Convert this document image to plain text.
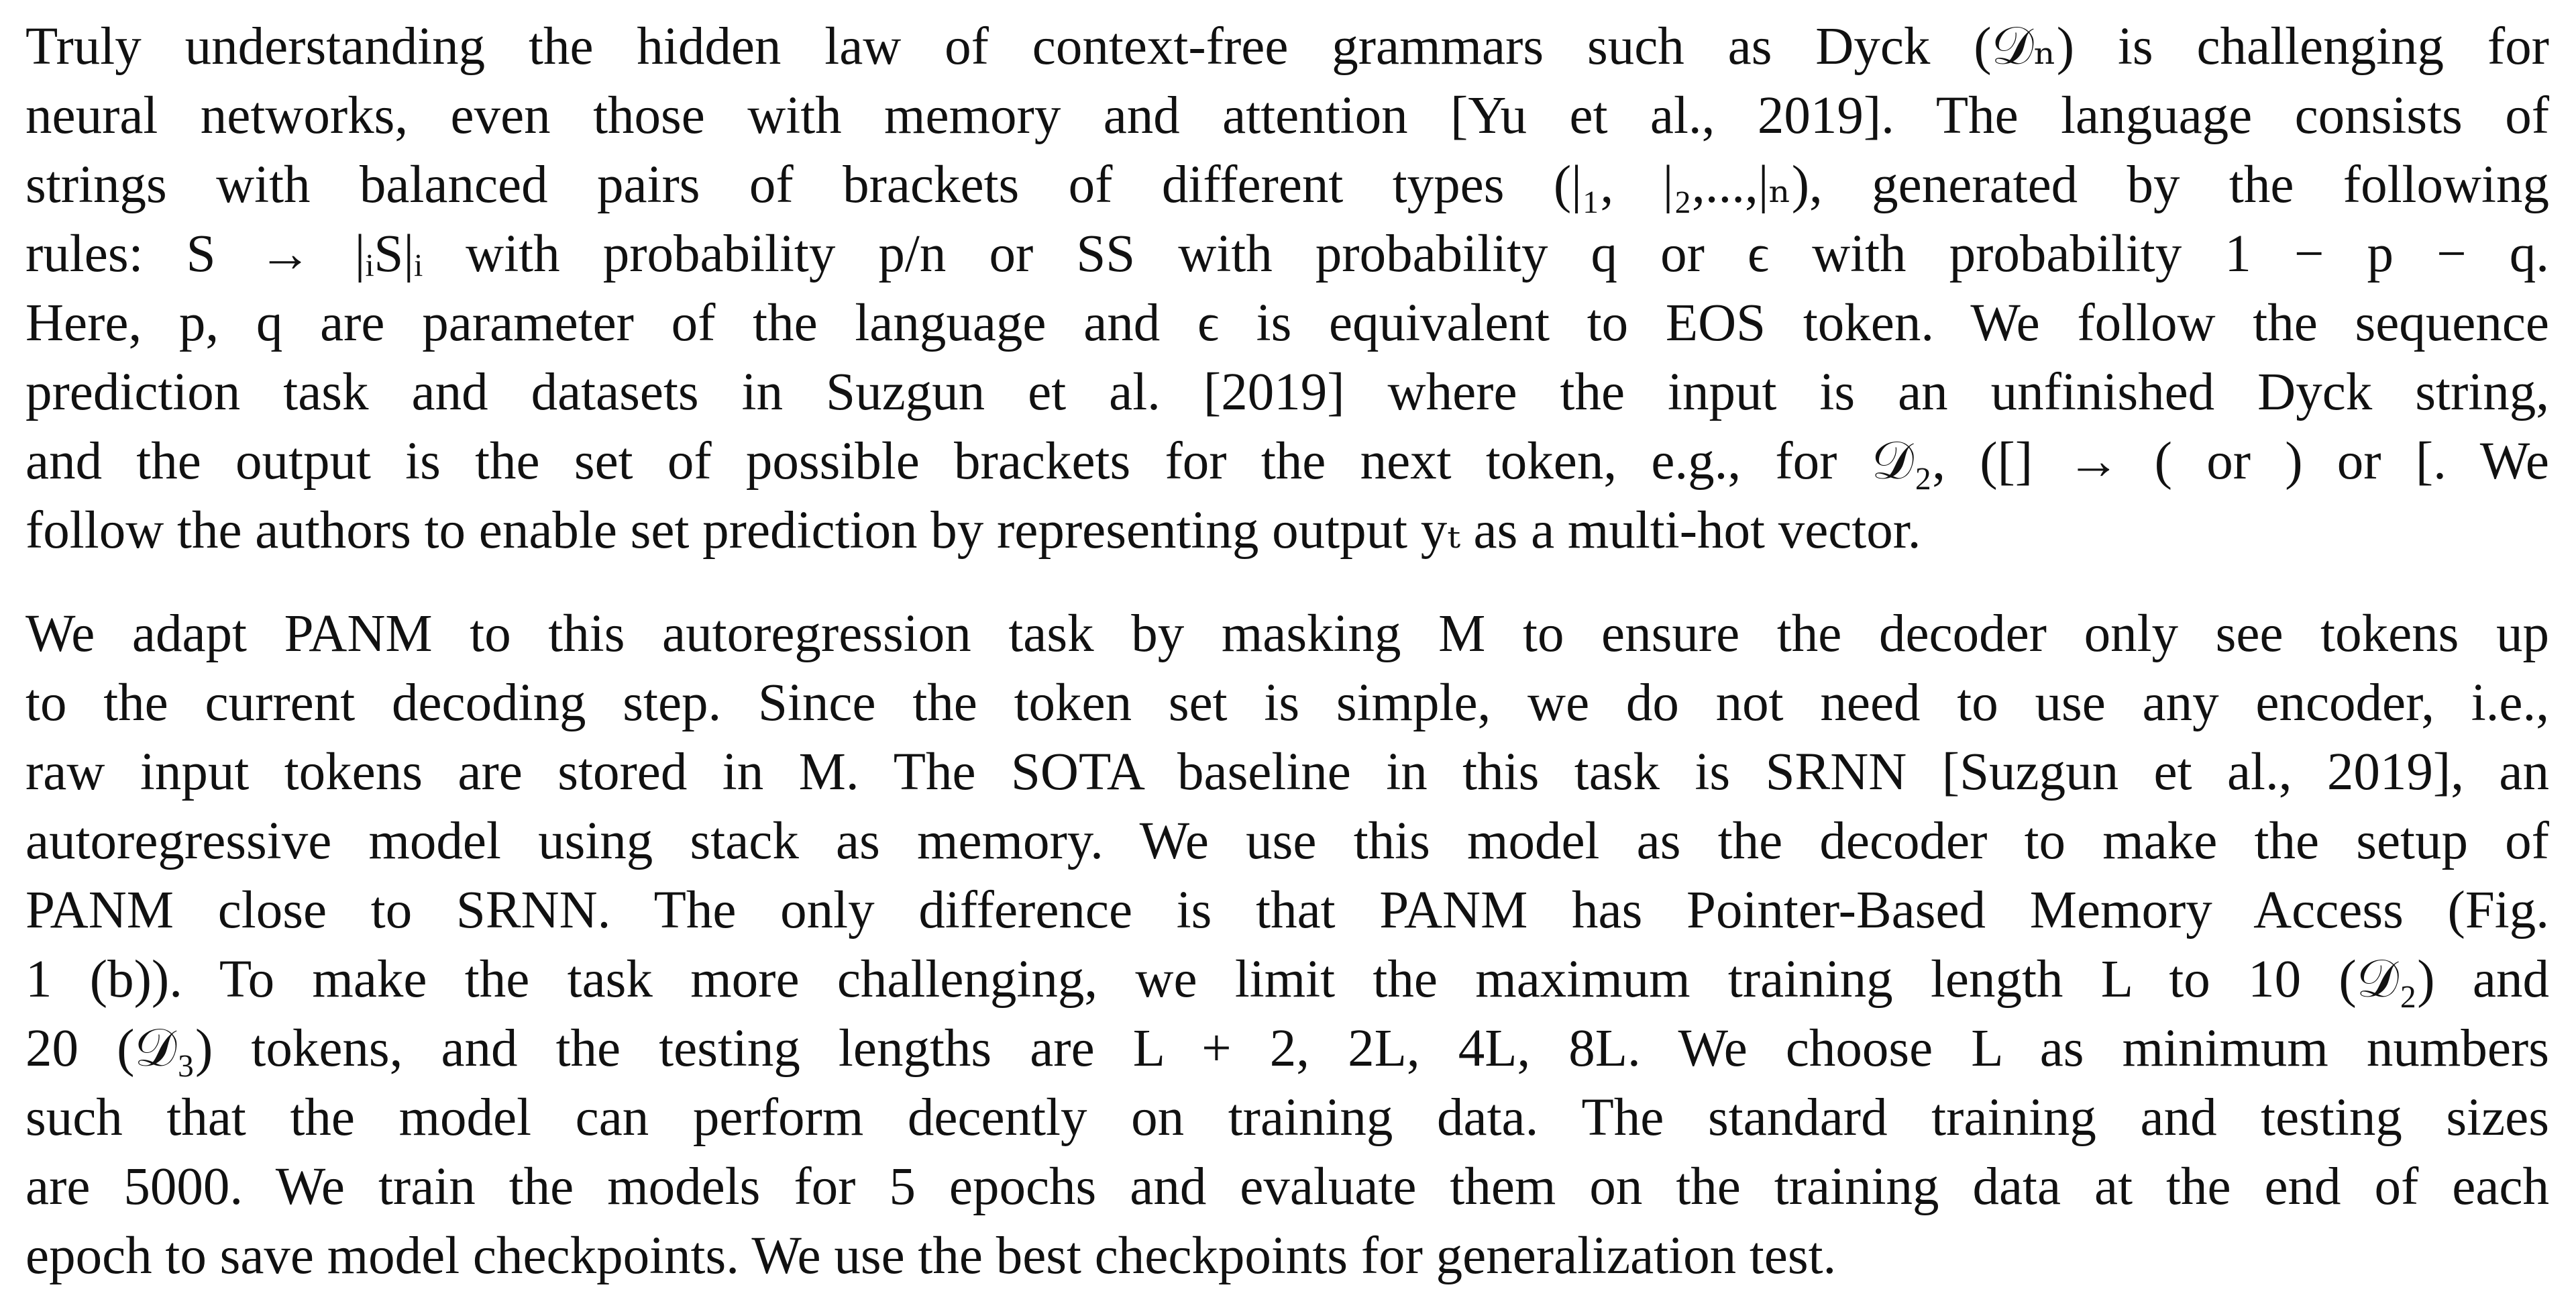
Truly understanding the hidden law of context-free grammars such as Dyck (𝒟ₙ) is challenging for
neural networks, even those with memory and attention [Yu et al., 2019]. The language consists of
strings with balanced pairs of brackets of different types (|₁, |₂,...,|ₙ), generated by the following
rules: S → |ᵢS|ᵢ with probability p/n or SS with probability q or ϵ with probability 1 − p − q.
Here, p, q are parameter of the language and ϵ is equivalent to EOS token. We follow the sequence
prediction task and datasets in Suzgun et al. [2019] where the input is an unfinished Dyck string,
and the output is the set of possible brackets for the next token, e.g., for 𝒟₂, ([] → ( or ) or [. We
follow the authors to enable set prediction by representing output yₜ as a multi-hot vector.

We adapt PANM to this autoregression task by masking M to ensure the decoder only see tokens up
to the current decoding step. Since the token set is simple, we do not need to use any encoder, i.e.,
raw input tokens are stored in M. The SOTA baseline in this task is SRNN [Suzgun et al., 2019], an
autoregressive model using stack as memory. We use this model as the decoder to make the setup of
PANM close to SRNN. The only difference is that PANM has Pointer-Based Memory Access (Fig.
1 (b)). To make the task more challenging, we limit the maximum training length L to 10 (𝒟₂) and
20 (𝒟₃) tokens, and the testing lengths are L + 2, 2L, 4L, 8L. We choose L as minimum numbers
such that the model can perform decently on training data. The standard training and testing sizes
are 5000. We train the models for 5 epochs and evaluate them on the training data at the end of each
epoch to save model checkpoints. We use the best checkpoints for generalization test.
